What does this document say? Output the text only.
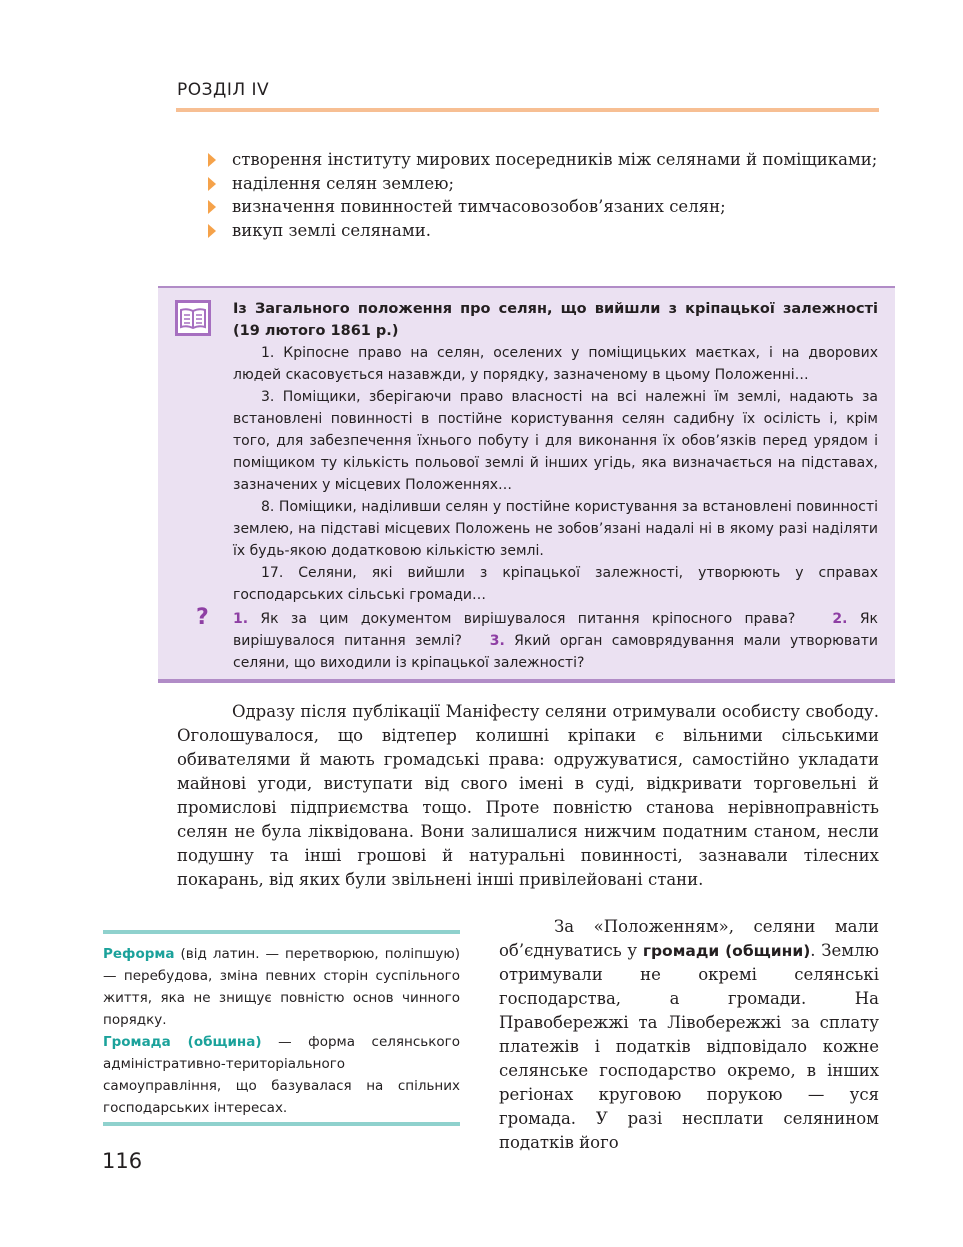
РОЗДІЛ IV
створення інституту мирових посередників між селянами й поміщиками;
наділення селян землею;
визначення повинностей тимчасовозобов’язаних селян;
викуп землі селянами.
Із Загального положення про селян, що вийшли з кріпацької залежності (19 лютого 1861 р.)

1. Кріпосне право на селян, оселених у поміщицьких маєтках, і на дворових людей скасовується назавжди, у порядку, зазначеному в цьому Положенні…

3. Поміщики, зберігаючи право власності на всі належні їм землі, надають за встановлені повинності в постійне користування селян садибну їх осілість і, крім того, для забезпечення їхнього побуту і для виконання їх обов’язків перед урядом і поміщиком ту кількість польової землі й інших угідь, яка визначається на підставах, зазначених у місцевих Положеннях…

8. Поміщики, наділивши селян у постійне користування за встановлені повинності землею, на підставі місцевих Положень не зобов’язані надалі ні в якому разі наділяти їх будь-якою додатковою кількістю землі.

17. Селяни, які вийшли з кріпацької залежності, утворюють у справах господарських сільські громади…

? 1. Як за цим документом вирішувалося питання кріпосного права?	2. Як вирішувалося питання землі? 3. Який орган самоврядування мали утворювати селяни, що виходили із кріпацької залежності?

Одразу після публікації Маніфесту селяни отримували особисту свободу. Оголошувалося, що відтепер колишні кріпаки є вільними сільськими обивателями й мають громадські права: одружуватися, самостійно укладати майнові угоди, виступати від свого імені в суді, відкривати торговельні й промислові підприємства тощо. Проте повністю станова нерівноправність селян не була ліквідована. Вони залишалися нижчим податним станом, несли подушну та інші грошові й натуральні повинності, зазнавали тілесних покарань, від яких були звільнені інші привілейовані стани.

Реформа (від латин. — перетворюю, поліпшую) — перебудова, зміна певних сторін суспільного життя, яка не знищує повністю основ чинного порядку.

Громада (община) — форма селянського адміністративно-територіального самоуправління, що базувалася на спільних господарських інтересах.

За «Положенням», селяни мали об’єднуватись у громади (общини). Землю отримували не окремі селянські господарства, а громади. На Правобережжі та Лівобережжі за сплату платежів і податків відповідало кожне селянське господарство окремо, в інших регіонах круговою порукою — уся громада. У разі несплати селянином податків його

116
